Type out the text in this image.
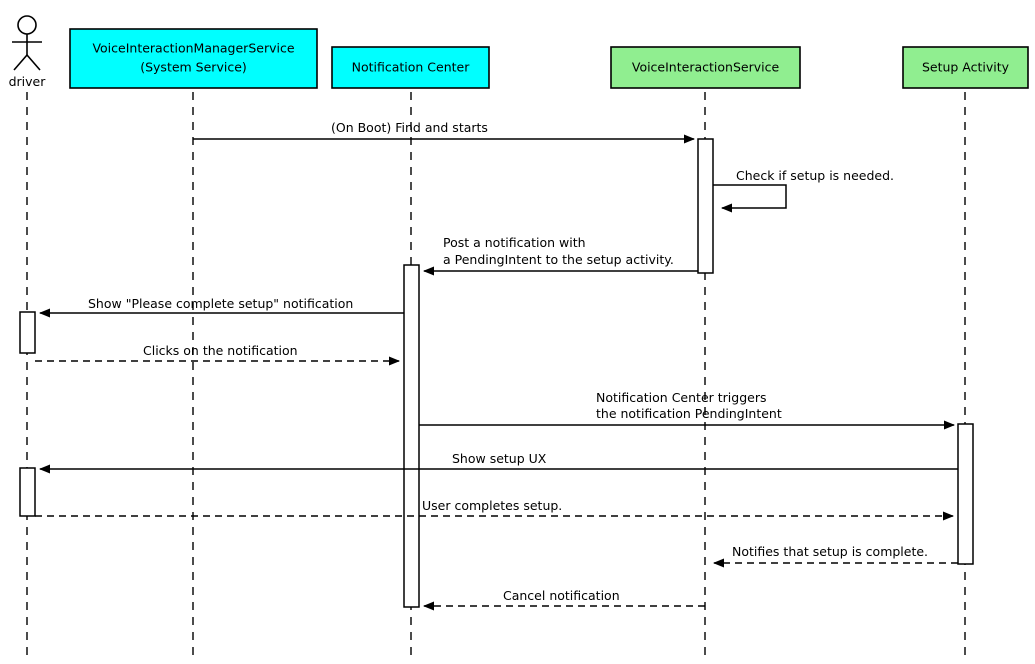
driver
VoiceInteractionManagerService
(System Service)	Notification Center	VoiceInteractionService	Setup Activity
(On Boot) Find and starts
Check if setup is needed.
Post a notification with
a PendingIntent to the setup activity.
Show "Please complete setup" notification
Clicks on the notification
Notification Center triggers
the notification PendingIntent
Show setup UX
User completes setup.
Notifies that setup is complete.
Cancel notification
